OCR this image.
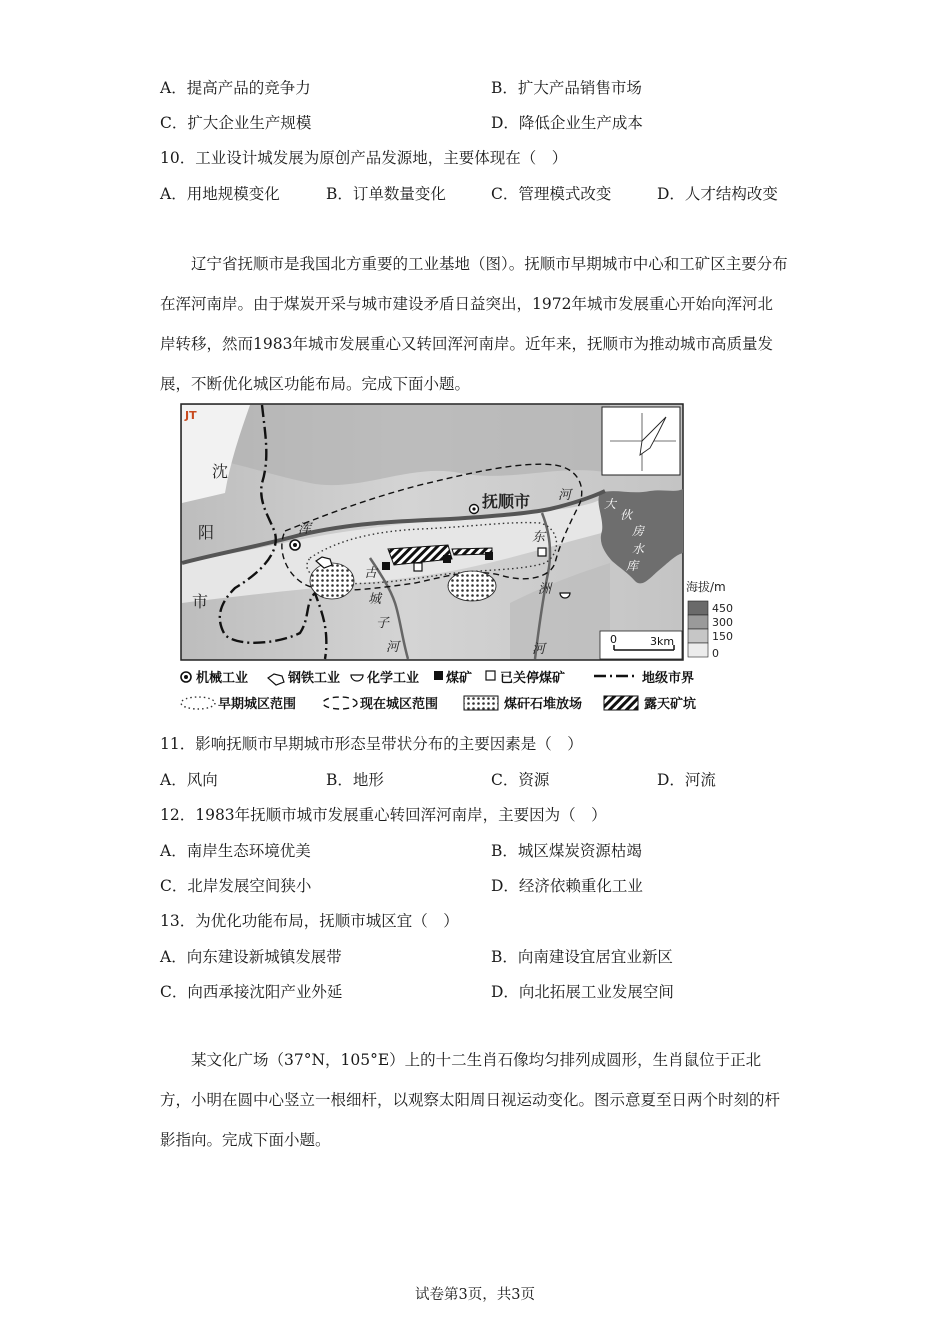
A．提高产品的竞争力	B．扩大产品销售市场
C．扩大企业生产规模	D．降低企业生产成本
10．工业设计城发展为原创产品发源地，主要体现在（　）
A．用地规模变化	B．订单数量变化	C．管理模式改变	D．人才结构改变

辽宁省抚顺市是我国北方重要的工业基地（图）。抚顺市早期城市中心和工矿区主要分布在浑河南岸。由于煤炭开采与城市建设矛盾日益突出，1972年城市发展重心开始向浑河北岸转移，然而1983年城市发展重心又转回浑河南岸。近年来，抚顺市为推动城市高质量发展，不断优化城区功能布局。完成下面小题。

JT
沈
阳
市
抚顺市
浑
河
东
洲
河
古
城
子
河
大
伙
房
水
库
0	3km
海拔/m
450
300
150
0
机械工业	钢铁工业 化学工业 煤矿 已关停煤矿	地级市界
早期城区范围	现在城区范围	煤矸石堆放场	露天矿坑
11．影响抚顺市早期城市形态呈带状分布的主要因素是（　）
A．风向	B．地形	C．资源	D．河流
12．1983年抚顺市城市发展重心转回浑河南岸，主要因为（　）
A．南岸生态环境优美	B．城区煤炭资源枯竭
C．北岸发展空间狭小	D．经济依赖重化工业
13．为优化功能布局，抚顺市城区宜（　）
A．向东建设新城镇发展带	B．向南建设宜居宜业新区
C．向西承接沈阳产业外延	D．向北拓展工业发展空间

某文化广场（37°N，105°E）上的十二生肖石像均匀排列成圆形，生肖鼠位于正北方，小明在圆中心竖立一根细杆，以观察太阳周日视运动变化。图示意夏至日两个时刻的杆影指向。完成下面小题。

试卷第3页，共3页
